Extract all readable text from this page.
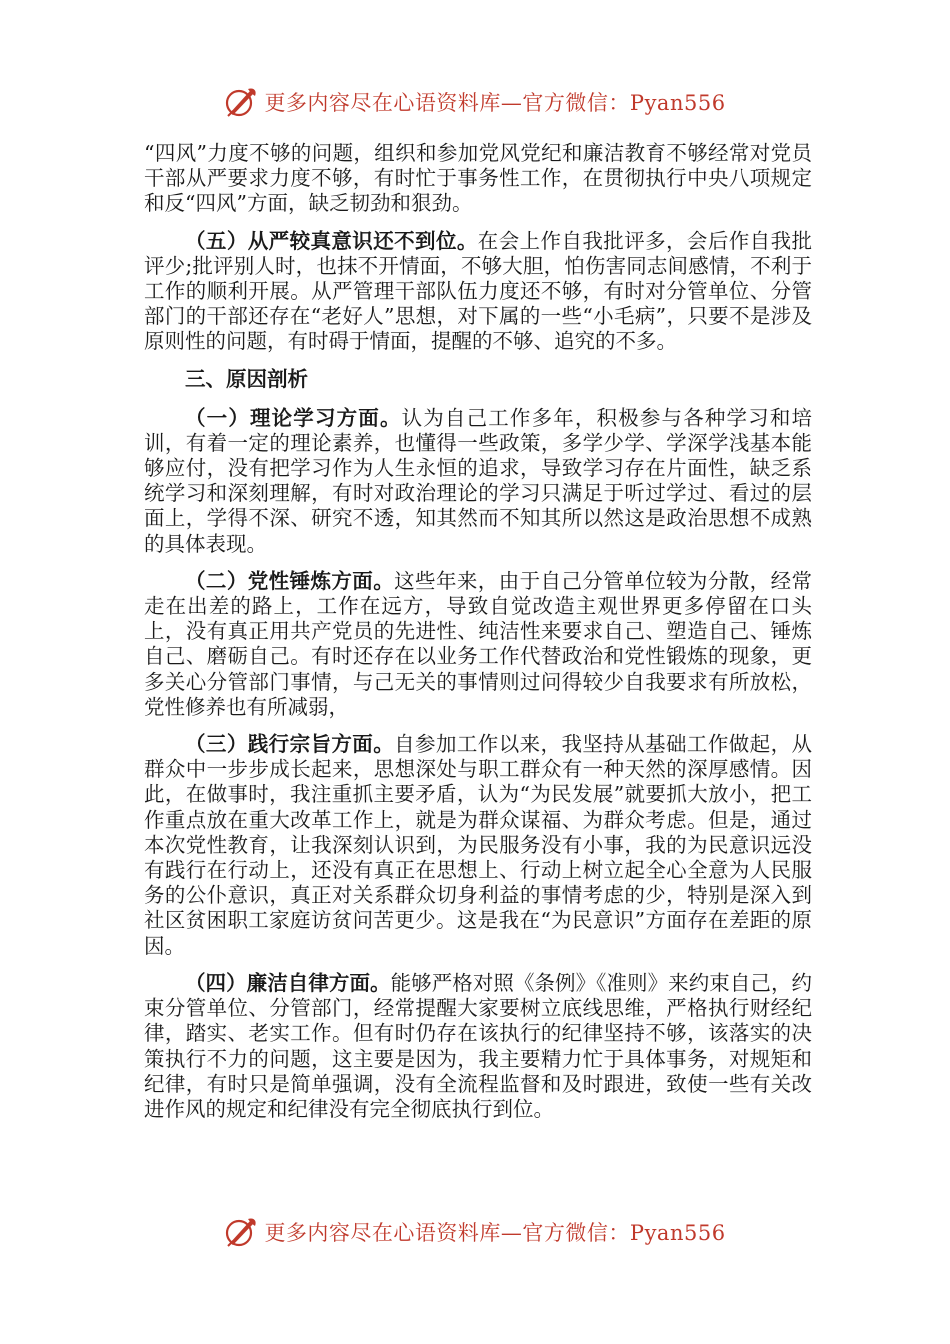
更多内容尽在心语资料库—官方微信：Pyan556

“四风”力度不够的问题，组织和参加党风党纪和廉洁教育不够经常对党员干部从严要求力度不够，有时忙于事务性工作，在贯彻执行中央八项规定和反“四风”方面，缺乏韧劲和狠劲。

（五）从严较真意识还不到位。在会上作自我批评多，会后作自我批评少;批评别人时，也抹不开情面，不够大胆，怕伤害同志间感情，不利于工作的顺利开展。从严管理干部队伍力度还不够，有时对分管单位、分管部门的干部还存在“老好人”思想，对下属的一些“小毛病”，只要不是涉及原则性的问题，有时碍于情面，提醒的不够、追究的不多。

三、原因剖析

（一）理论学习方面。认为自己工作多年，积极参与各种学习和培训，有着一定的理论素养，也懂得一些政策，多学少学、学深学浅基本能够应付，没有把学习作为人生永恒的追求，导致学习存在片面性，缺乏系统学习和深刻理解，有时对政治理论的学习只满足于听过学过、看过的层面上，学得不深、研究不透，知其然而不知其所以然这是政治思想不成熟的具体表现。

（二）党性锤炼方面。这些年来，由于自己分管单位较为分散，经常走在出差的路上，工作在远方，导致自觉改造主观世界更多停留在口头上，没有真正用共产党员的先进性、纯洁性来要求自己、塑造自己、锤炼自己、磨砺自己。有时还存在以业务工作代替政治和党性锻炼的现象，更多关心分管部门事情，与己无关的事情则过问得较少自我要求有所放松，党性修养也有所减弱，

（三）践行宗旨方面。自参加工作以来，我坚持从基础工作做起，从群众中一步步成长起来，思想深处与职工群众有一种天然的深厚感情。因此，在做事时，我注重抓主要矛盾，认为“为民发展”就要抓大放小，把工作重点放在重大改革工作上，就是为群众谋福、为群众考虑。但是，通过本次党性教育，让我深刻认识到，为民服务没有小事，我的为民意识远没有践行在行动上，还没有真正在思想上、行动上树立起全心全意为人民服务的公仆意识，真正对关系群众切身利益的事情考虑的少，特别是深入到社区贫困职工家庭访贫问苦更少。这是我在“为民意识”方面存在差距的原因。

（四）廉洁自律方面。能够严格对照《条例》《准则》来约束自己，约束分管单位、分管部门，经常提醒大家要树立底线思维，严格执行财经纪律，踏实、老实工作。但有时仍存在该执行的纪律坚持不够，该落实的决策执行不力的问题，这主要是因为，我主要精力忙于具体事务，对规矩和纪律，有时只是简单强调，没有全流程监督和及时跟进，致使一些有关改进作风的规定和纪律没有完全彻底执行到位。

更多内容尽在心语资料库—官方微信：Pyan556
